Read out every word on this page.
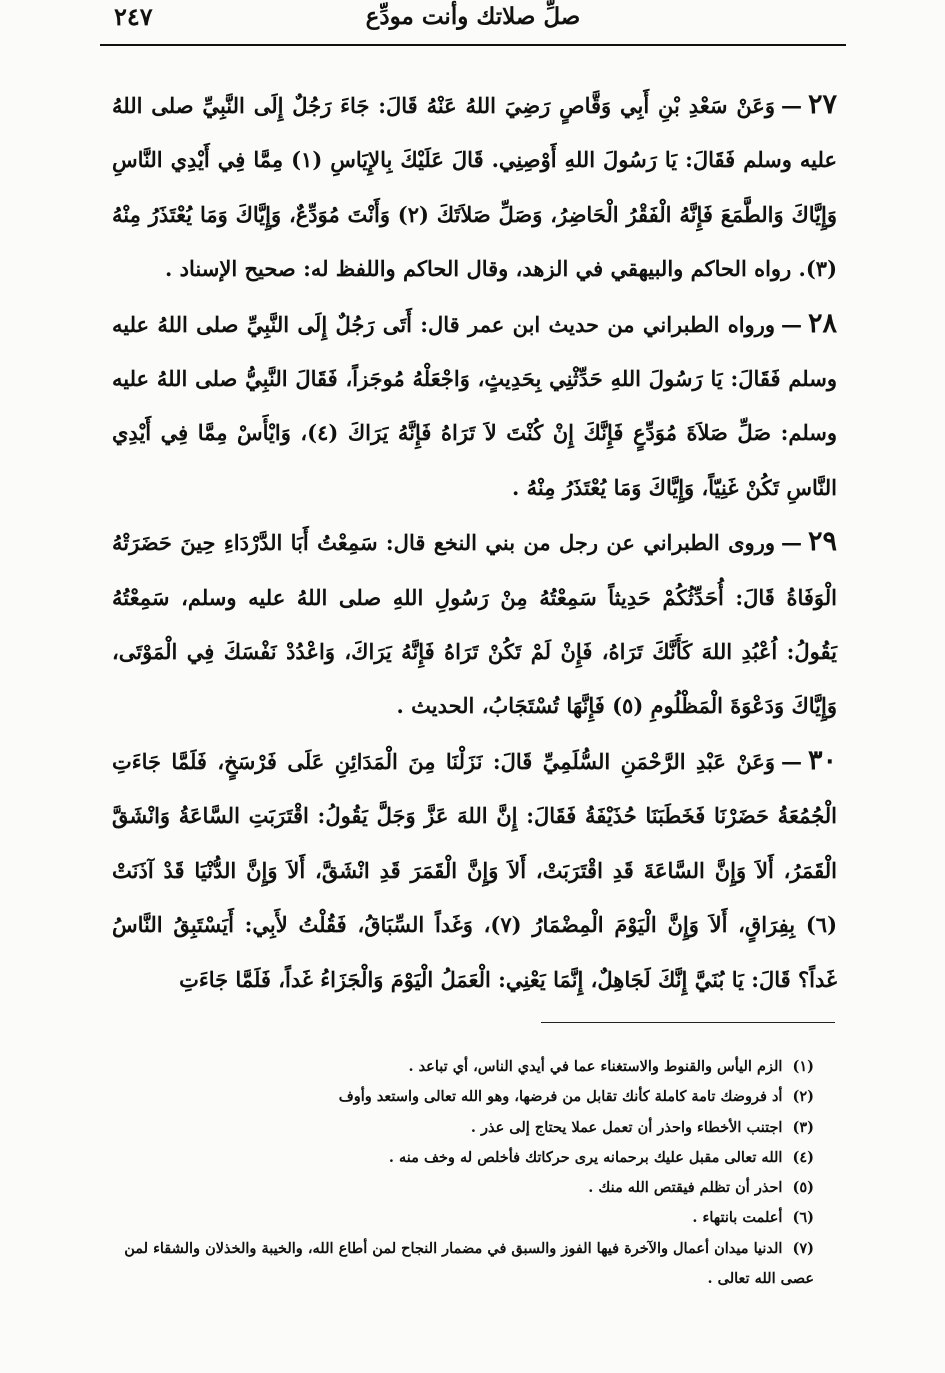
صلِّ صلاتك وأنت مودِّع
٢٤٧

٢٧—وَعَنْ سَعْدِ بْنِ أَبِي وَقَّاصٍ رَضِيَ اللهُ عَنْهُ قَالَ: جَاءَ رَجُلٌ إِلَى النَّبِيِّ صلى اللهُ عليه وسلم فَقَالَ: يَا رَسُولَ اللهِ أَوْصِنِي. قَالَ عَلَيْكَ بِالإِيَاسِ (١) مِمَّا فِي أَيْدِي النَّاسِ وَإِيَّاكَ وَالطَّمَعَ فَإِنَّهُ الْفَقْرُ الْحَاضِرُ، وَصَلِّ صَلاَتَكَ (٢) وَأَنْتَ مُوَدِّعٌ، وَإِيَّاكَ وَمَا يُعْتَذَرُ مِنْهُ (٣). رواه الحاكم والبيهقي في الزهد، وقال الحاكم واللفظ له: صحيح الإسناد .

٢٨—ورواه الطبراني من حديث ابن عمر قال: أَتَى رَجُلٌ إِلَى النَّبِيِّ صلى اللهُ عليه وسلم فَقَالَ: يَا رَسُولَ اللهِ حَدِّثْنِي بِحَدِيثٍ، وَاجْعَلْهُ مُوجَزاً، فَقَالَ النَّبِيُّ صلى اللهُ عليه وسلم: صَلِّ صَلاَةَ مُوَدِّعٍ فَإِنَّكَ إِنْ كُنْتَ لاَ تَرَاهُ فَإِنَّهُ يَرَاكَ (٤)، وَايْأَسْ مِمَّا فِي أَيْدِي النَّاسِ تَكُنْ غَنِيّاً، وَإِيَّاكَ وَمَا يُعْتَذَرُ مِنْهُ .

٢٩—وروى الطبراني عن رجل من بني النخع قال: سَمِعْتُ أَبَا الدَّرْدَاءِ حِينَ حَضَرَتْهُ الْوَفَاةُ قَالَ: أُحَدِّثُكُمْ حَدِيثاً سَمِعْتُهُ مِنْ رَسُولِ اللهِ صلى اللهُ عليه وسلم، سَمِعْتُهُ يَقُولُ: اُعْبُدِ اللهَ كَأَنَّكَ تَرَاهُ، فَإِنْ لَمْ تَكُنْ تَرَاهُ فَإِنَّهُ يَرَاكَ، وَاعْدُدْ نَفْسَكَ فِي الْمَوْتَى، وَإِيَّاكَ وَدَعْوَةَ الْمَظْلُومِ (٥) فَإِنَّهَا تُسْتَجَابُ، الحديث .

٣٠—وَعَنْ عَبْدِ الرَّحْمَنِ السُّلَمِيِّ قَالَ: نَزَلْنَا مِنَ الْمَدَائِنِ عَلَى فَرْسَخٍ، فَلَمَّا جَاءَتِ الْجُمُعَةُ حَضَرْنَا فَخَطَبَنَا حُذَيْفَةُ فَقَالَ: إِنَّ اللهَ عَزَّ وَجَلَّ يَقُولُ: اقْتَرَبَتِ السَّاعَةُ وَانْشَقَّ الْقَمَرُ، أَلاَ وَإِنَّ السَّاعَةَ قَدِ اقْتَرَبَتْ، أَلاَ وَإِنَّ الْقَمَرَ قَدِ انْشَقَّ، أَلاَ وَإِنَّ الدُّنْيَا قَدْ آذَنَتْ (٦) بِفِرَاقٍ، أَلاَ وَإِنَّ الْيَوْمَ الْمِضْمَارُ (٧)، وَغَداً السِّبَاقُ، فَقُلْتُ لأَبِي: أَيَسْتَبِقُ النَّاسُ غَداً؟ قَالَ: يَا بُنَيَّ إِنَّكَ لَجَاهِلٌ، إِنَّمَا يَعْنِي: الْعَمَلُ الْيَوْمَ وَالْجَزَاءُ غَداً، فَلَمَّا جَاءَتِ

(١)الزم اليأس والقنوط والاستغناء عما في أيدي الناس، أي تباعد .

(٢)أد فروضك تامة كاملة كأنك تقابل من فرضها، وهو الله تعالى واستعد وأوف

(٣)اجتنب الأخطاء واحذر أن تعمل عملا يحتاج إلى عذر .

(٤)الله تعالى مقبل عليك برحمانه يرى حركاتك فأخلص له وخف منه .

(٥)احذر أن تظلم فيقتص الله منك .

(٦)أعلمت بانتهاء .

(٧)الدنيا ميدان أعمال والآخرة فيها الفوز والسبق في مضمار النجاح لمن أطاع الله، والخيبة والخذلان والشقاء لمن عصى الله تعالى .
